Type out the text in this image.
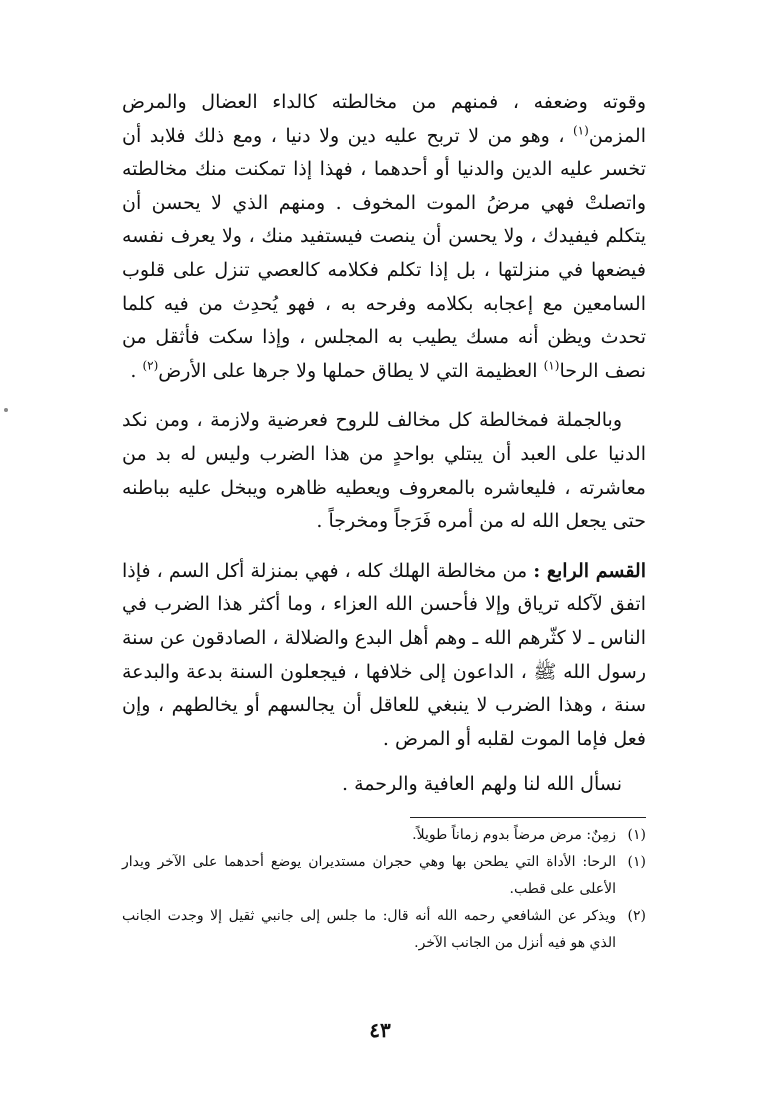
وقوته وضعفه ، فمنهم من مخالطته كالداء العضال والمرض المزمن$^{(١)}$ ، وهو من لا تربح عليه دين ولا دنيا ، ومع ذلك فلابد أن تخسر عليه الدين والدنيا أو أحدهما ، فهذا إذا تمكنت منك مخالطته واتصلتْ فهي مرضُ الموت المخوف . ومنهم الذي لا يحسن أن يتكلم فيفيدك ، ولا يحسن أن ينصت فيستفيد منك ، ولا يعرف نفسه فيضعها في منزلتها ، بل إذا تكلم فكلامه كالعصي تنزل على قلوب السامعين مع إعجابه بكلامه وفرحه به ، فهو يُحدِث من فيه كلما تحدث ويظن أنه مسك يطيب به المجلس ، وإذا سكت فأثقل من نصف الرحا$^{(١)}$ العظيمة التي لا يطاق حملها ولا جرها على الأرض$^{(٢)}$ .

وبالجملة فمخالطة كل مخالف للروح فعرضية ولازمة ، ومن نكد الدنيا على العبد أن يبتلي بواحدٍ من هذا الضرب وليس له بد من معاشرته ، فليعاشره بالمعروف ويعطيه ظاهره ويبخل عليه بباطنه حتى يجعل الله له من أمره فَرَجاً ومخرجاً .

القسم الرابع : من مخالطة الهلك كله ، فهي بمنزلة أكل السم ، فإذا اتفق لآكله ترياق وإلا فأحسن الله العزاء ، وما أكثر هذا الضرب في الناس ـ لا كثّرهم الله ـ وهم أهل البدع والضلالة ، الصادقون عن سنة رسول الله ﷺ ، الداعون إلى خلافها ، فيجعلون السنة بدعة والبدعة سنة ، وهذا الضرب لا ينبغي للعاقل أن يجالسهم أو يخالطهم ، وإن فعل فإما الموت لقلبه أو المرض .

نسأل الله لنا ولهم العافية والرحمة .

(١)
زمِنٌ: مرض مرضاً بدوم زماناً طويلاً.

(١)
الرحا: الأداة التي يطحن بها وهي حجران مستديران يوضع أحدهما على الآخر ويدار الأعلى على قطب.

(٢)
ويذكر عن الشافعي رحمه الله أنه قال: ما جلس إلى جانبي ثقيل إلا وجدت الجانب الذي هو فيه أنزل من الجانب الآخر.

٤٣
